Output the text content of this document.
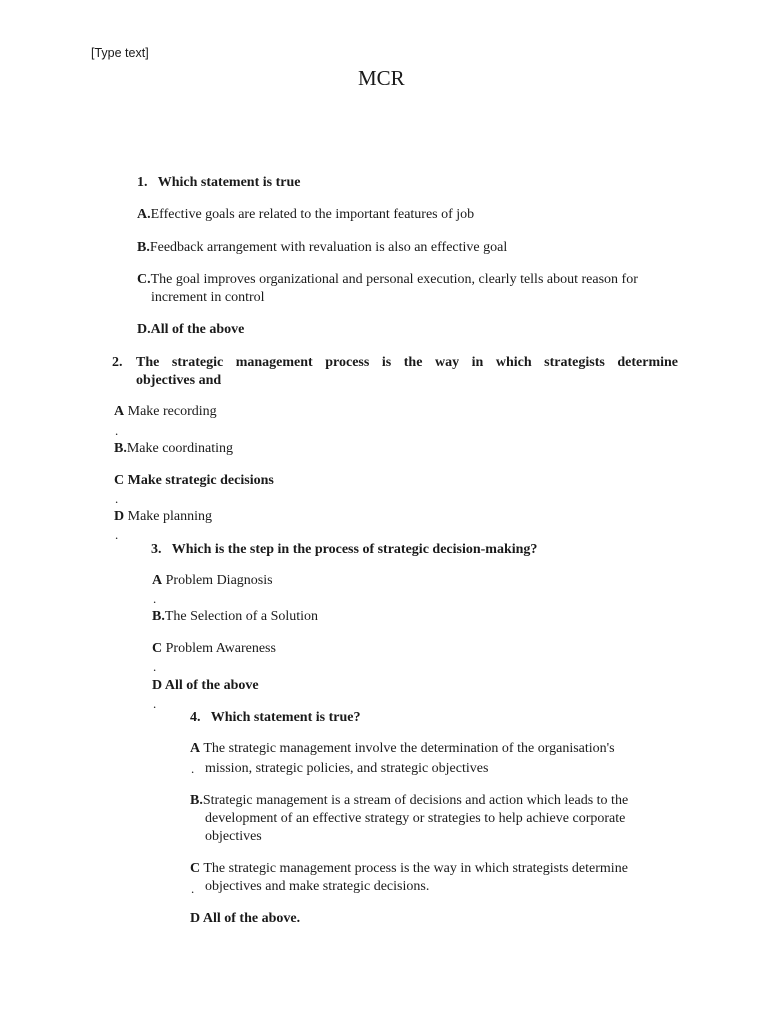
[Type text]
MCR
1. Which statement is true
A.Effective goals are related to the important features of job
B.Feedback arrangement with revaluation is also an effective goal
C.The goal improves organizational and personal execution, clearly tells about reason for
increment in control
D.All of the above
2. The strategic management process is the way in which strategists determine
objectives and
A Make recording
.
B.Make coordinating
C Make strategic decisions
.
D Make planning
.
3. Which is the step in the process of strategic decision-making?
A Problem Diagnosis
.
B.The Selection of a Solution
C Problem Awareness
.
D All of the above
.
4. Which statement is true?
A The strategic management involve the determination of the organisation's
. mission, strategic policies, and strategic objectives
B.Strategic management is a stream of decisions and action which leads to the
development of an effective strategy or strategies to help achieve corporate
objectives
C The strategic management process is the way in which strategists determine
. objectives and make strategic decisions.
D All of the above.
